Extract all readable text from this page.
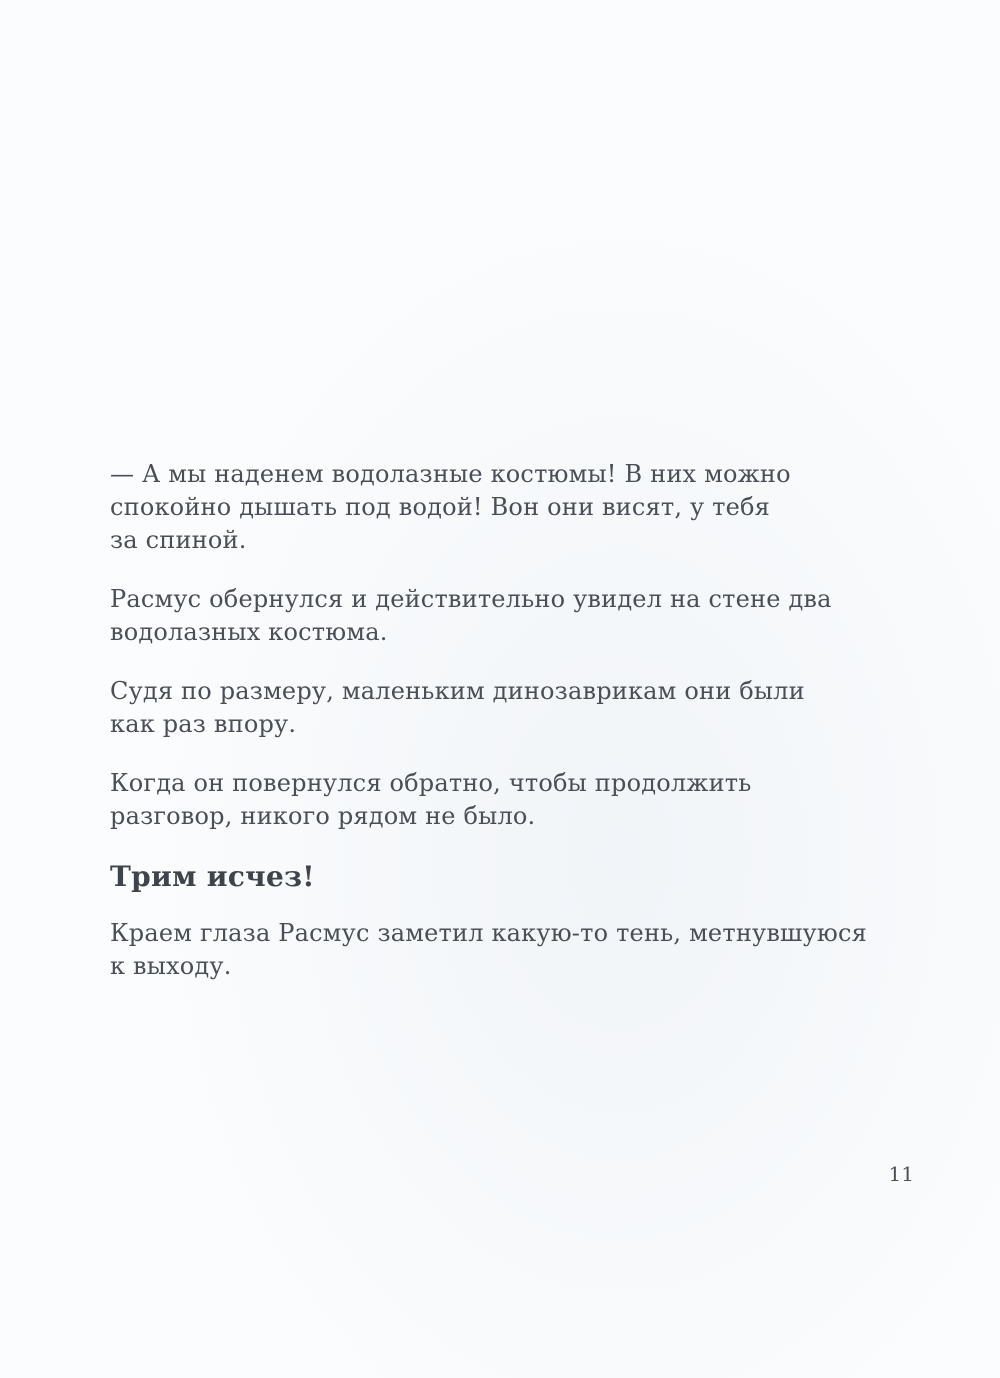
— А мы наденем водолазные костюмы! В них можно
спокойно дышать под водой! Вон они висят, у тебя
за спиной.

Расмус обернулся и действительно увидел на стене два
водолазных костюма.

Судя по размеру, маленьким динозаврикам они были
как раз впору.

Когда он повернулся обратно, чтобы продолжить
разговор, никого рядом не было.

Трим исчез!

Краем глаза Расмус заметил какую-то тень, метнувшуюся
к выходу.

11
